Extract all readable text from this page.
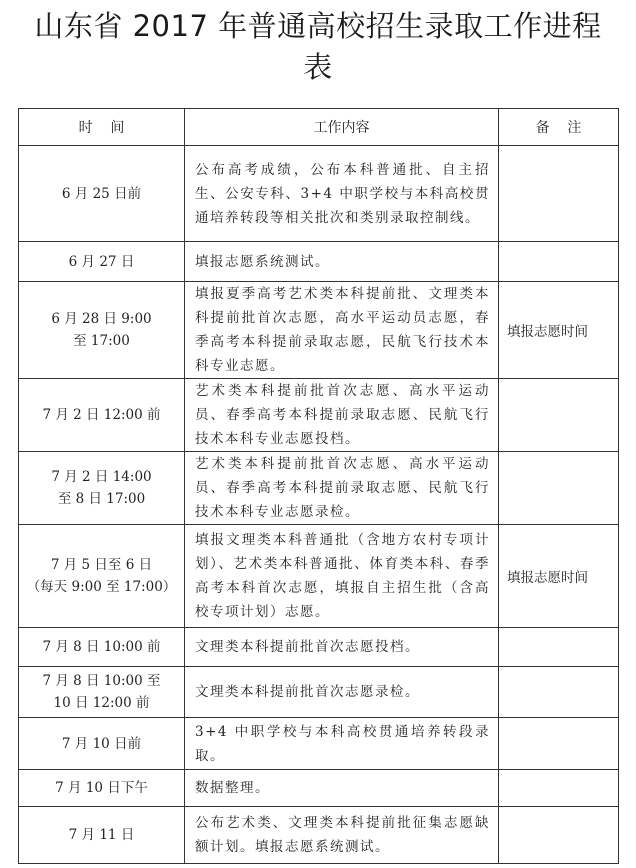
山东省 2017 年普通高校招生录取工作进程
表
时    间	工作内容	备    注

6 月 25 日前	公布高考成绩，公布本科普通批、自主招生、公安专科、3+4 中职学校与本科高校贯通培养转段等相关批次和类别录取控制线。	

6 月 27 日	填报志愿系统测试。	

6 月 28 日 9:00
至 17:00	填报夏季高考艺术类本科提前批、文理类本科提前批首次志愿，高水平运动员志愿，春季高考本科提前录取志愿，民航飞行技术本科专业志愿。	填报志愿时间

7 月 2 日 12:00 前	艺术类本科提前批首次志愿、高水平运动员、春季高考本科提前录取志愿、民航飞行技术本科专业志愿投档。	

7 月 2 日 14:00
至 8 日 17:00	艺术类本科提前批首次志愿、高水平运动员、春季高考本科提前录取志愿、民航飞行技术本科专业志愿录检。	

7 月 5 日至 6 日
（每天 9:00 至 17:00）	填报文理类本科普通批（含地方农村专项计划）、艺术类本科普通批、体育类本科、春季高考本科首次志愿，填报自主招生批（含高校专项计划）志愿。	填报志愿时间

7 月 8 日 10:00 前	文理类本科提前批首次志愿投档。	

7 月 8 日 10:00 至
10 日 12:00 前	文理类本科提前批首次志愿录检。	

7 月 10 日前	3+4 中职学校与本科高校贯通培养转段录取。	

7 月 10 日下午	数据整理。	

7 月 11 日	公布艺术类、文理类本科提前批征集志愿缺额计划。填报志愿系统测试。	
